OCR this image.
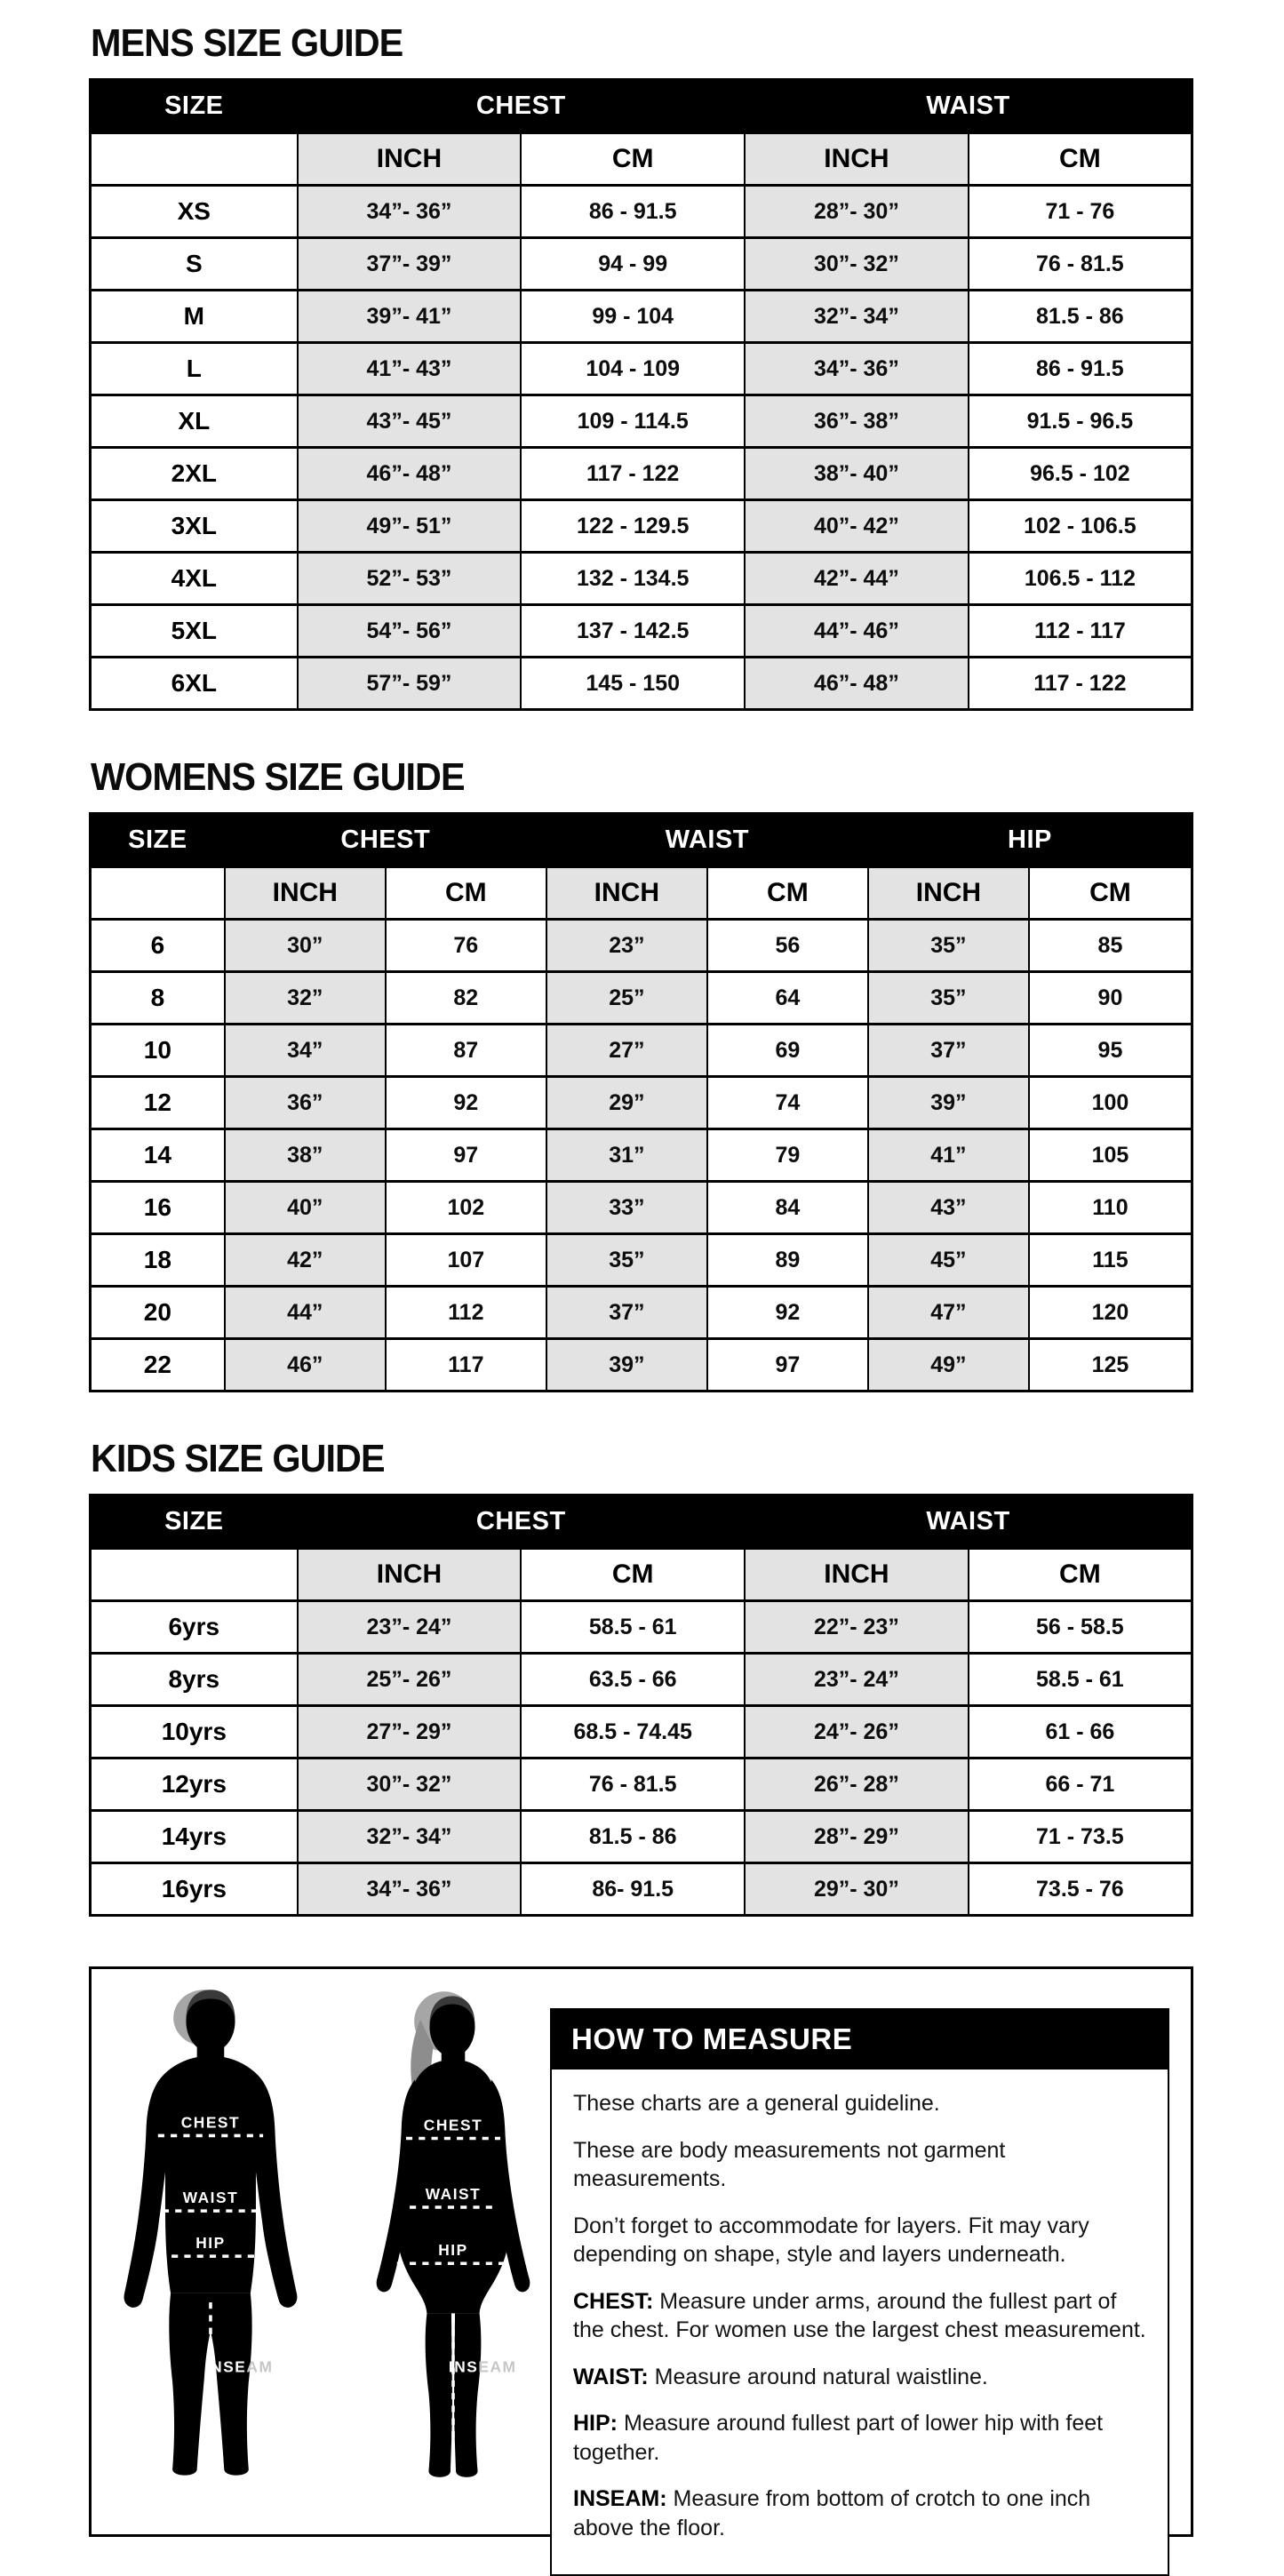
MENS SIZE GUIDE
SIZE	CHEST		WAIST	
	INCH	CM	INCH	CM
XS	34”- 36”	86 - 91.5	28”- 30”	71 - 76
S	37”- 39”	94 - 99	30”- 32”	76 - 81.5
M	39”- 41”	99 - 104	32”- 34”	81.5 - 86
L	41”- 43”	104 - 109	34”- 36”	86 - 91.5
XL	43”- 45”	109 - 114.5	36”- 38”	91.5 - 96.5
2XL	46”- 48”	117 - 122	38”- 40”	96.5 - 102
3XL	49”- 51”	122 - 129.5	40”- 42”	102 - 106.5
4XL	52”- 53”	132 - 134.5	42”- 44”	106.5 - 112
5XL	54”- 56”	137 - 142.5	44”- 46”	112 - 117
6XL	57”- 59”	145 - 150	46”- 48”	117 - 122
WOMENS SIZE GUIDE
SIZE	CHEST		WAIST		HIP	
	INCH	CM	INCH	CM	INCH	CM
6	30”	76	23”	56	35”	85
8	32”	82	25”	64	35”	90
10	34”	87	27”	69	37”	95
12	36”	92	29”	74	39”	100
14	38”	97	31”	79	41”	105
16	40”	102	33”	84	43”	110
18	42”	107	35”	89	45”	115
20	44”	112	37”	92	47”	120
22	46”	117	39”	97	49”	125
KIDS SIZE GUIDE
SIZE	CHEST		WAIST	
	INCH	CM	INCH	CM
6yrs	23”- 24”	58.5 - 61	22”- 23”	56 - 58.5
8yrs	25”- 26”	63.5 - 66	23”- 24”	58.5 - 61
10yrs	27”- 29”	68.5 - 74.45	24”- 26”	61 - 66
12yrs	30”- 32”	76 - 81.5	26”- 28”	66 - 71
14yrs	32”- 34”	81.5 - 86	28”- 29”	71 - 73.5
16yrs	34”- 36”	86- 91.5	29”- 30”	73.5 - 76
CHEST
WAIST
HIP
INSEAM
CHEST
WAIST
HIP
INSEAM
HOW TO MEASURE

These charts are a general guideline.

These are body measurements not garment measurements.

Don’t forget to accommodate for layers. Fit may vary depending on shape, style and layers underneath.

CHEST: Measure under arms, around the fullest part of the chest. For women use the largest chest measurement.

WAIST: Measure around natural waistline.

HIP: Measure around fullest part of lower hip with feet together.

INSEAM: Measure from bottom of crotch to one inch above the floor.
